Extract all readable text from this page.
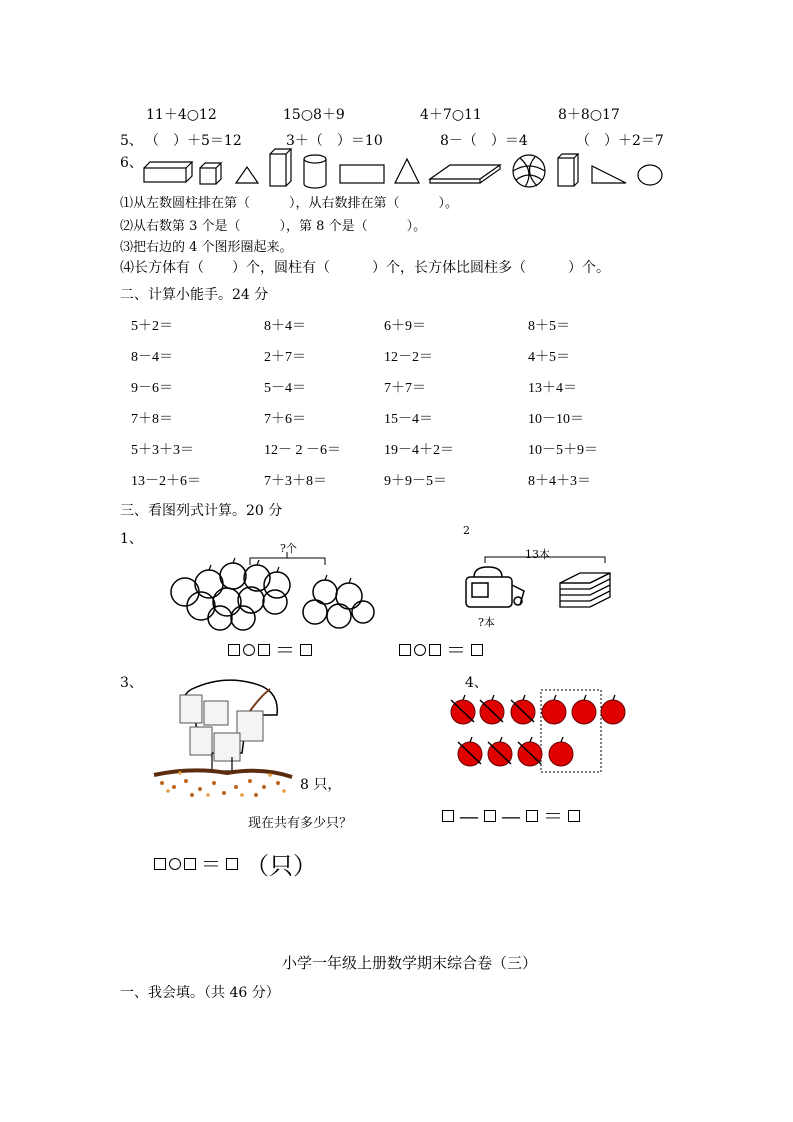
11＋4○12	15○8＋9	4＋7○11	8＋8○17
5、 （　）＋5＝12	3＋（　）＝10	8－（　）＝4	（　）＋2＝7
6、
⑴从左数圆柱排在第（　　　），从右数排在第（　　　）。
⑵从右数第 3 个是（　　　），第 8 个是（　　　）。
⑶把右边的 4 个图形圈起来。
⑷长方体有（　　）个，圆柱有（　　　）个，长方体比圆柱多（　　　）个。
二、计算小能手。24 分
5＋2＝	8＋4＝	6＋9＝	8＋5＝
8－4＝	2＋7＝	12－2＝	4＋5＝
9－6＝	5－4＝	7＋7＝	13＋4＝
7＋8＝	7＋6＝	15－4＝	10－10＝
5＋3＋3＝	12－ 2 －6＝	19－4＋2＝	10－5＋9＝
13－2＋6＝	7＋3＋8＝	9＋9－5＝	8＋4＋3＝
三、看图列式计算。20 分
1、
2
?个	13本
?本
＝	＝
3、	4、
8 只，
现在共有多少只？	— — ＝
＝ （只）
小学一年级上册数学期末综合卷（三）
一、我会填。（共 46 分）
